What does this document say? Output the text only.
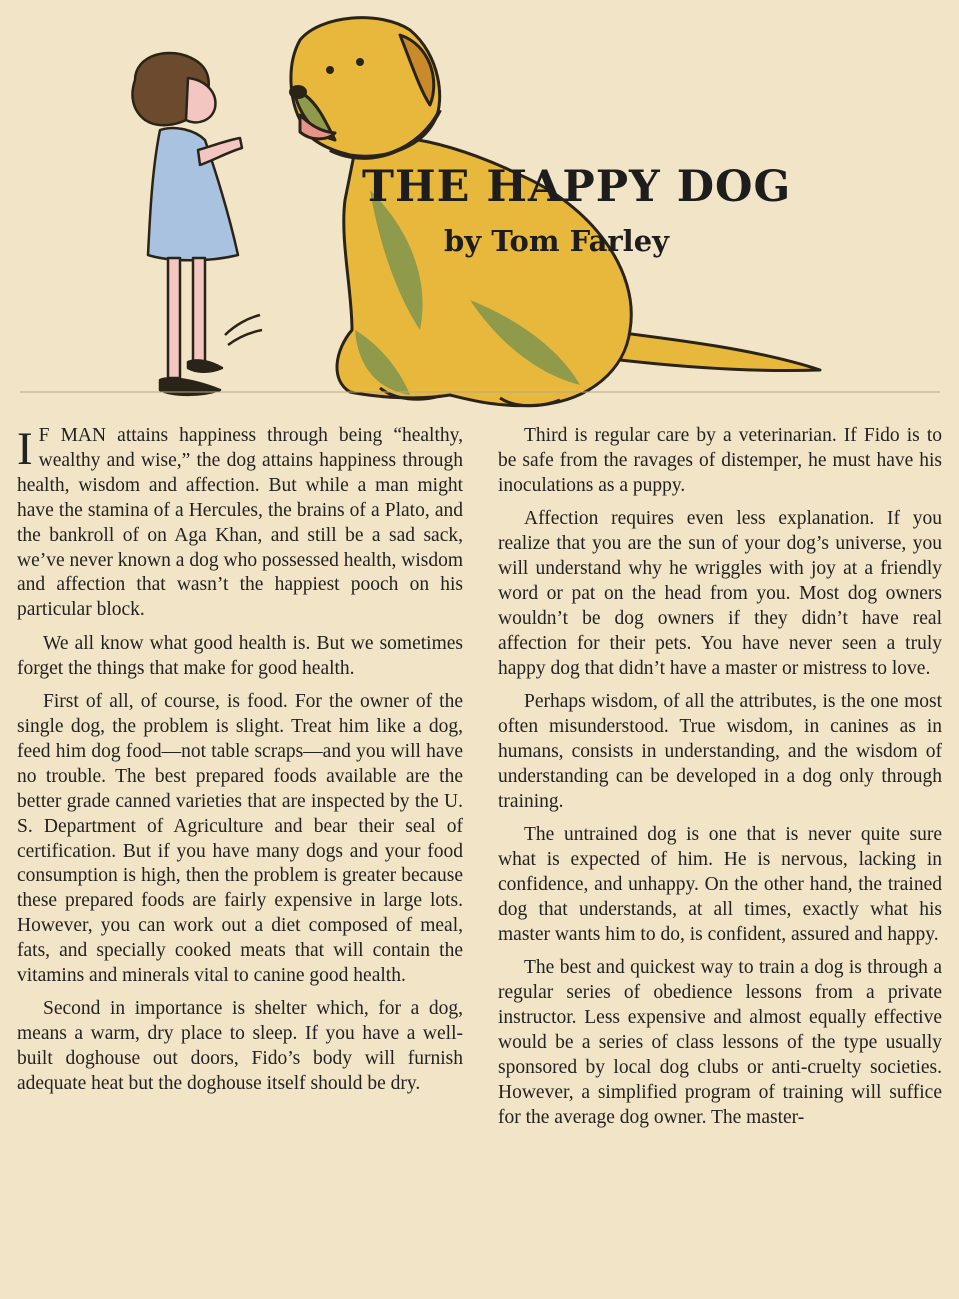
THE HAPPY DOG
by Tom Farley

I F MAN attains happiness through being “healthy, wealthy and wise,” the dog attains happiness through health, wisdom and affection. But while a man might have the stamina of a Hercules, the brains of a Plato, and the bankroll of on Aga Khan, and still be a sad sack, we’ve never known a dog who possessed health, wisdom and affection that wasn’t the happiest pooch on his particular block.

We all know what good health is. But we sometimes forget the things that make for good health.

First of all, of course, is food. For the owner of the single dog, the problem is slight. Treat him like a dog, feed him dog food—not table scraps—and you will have no trouble. The best prepared foods available are the better grade canned varieties that are inspected by the U. S. Department of Agriculture and bear their seal of certification. But if you have many dogs and your food consumption is high, then the problem is greater because these prepared foods are fairly expensive in large lots. However, you can work out a diet composed of meal, fats, and specially cooked meats that will contain the vitamins and minerals vital to canine good health.

Second in importance is shelter which, for a dog, means a warm, dry place to sleep. If you have a well-built doghouse out doors, Fido’s body will furnish adequate heat but the doghouse itself should be dry.

Third is regular care by a veterinarian. If Fido is to be safe from the ravages of distemper, he must have his inoculations as a puppy.

Affection requires even less explanation. If you realize that you are the sun of your dog’s universe, you will understand why he wriggles with joy at a friendly word or pat on the head from you. Most dog owners wouldn’t be dog owners if they didn’t have real affection for their pets. You have never seen a truly happy dog that didn’t have a master or mistress to love.

Perhaps wisdom, of all the attributes, is the one most often misunderstood. True wisdom, in canines as in humans, consists in understanding, and the wisdom of understanding can be developed in a dog only through training.

The untrained dog is one that is never quite sure what is expected of him. He is nervous, lacking in confidence, and unhappy. On the other hand, the trained dog that understands, at all times, exactly what his master wants him to do, is confident, assured and happy.

The best and quickest way to train a dog is through a regular series of obedience lessons from a private instructor. Less expensive and almost equally effective would be a series of class lessons of the type usually sponsored by local dog clubs or anti-cruelty societies. However, a simplified program of training will suffice for the average dog owner. The master-
